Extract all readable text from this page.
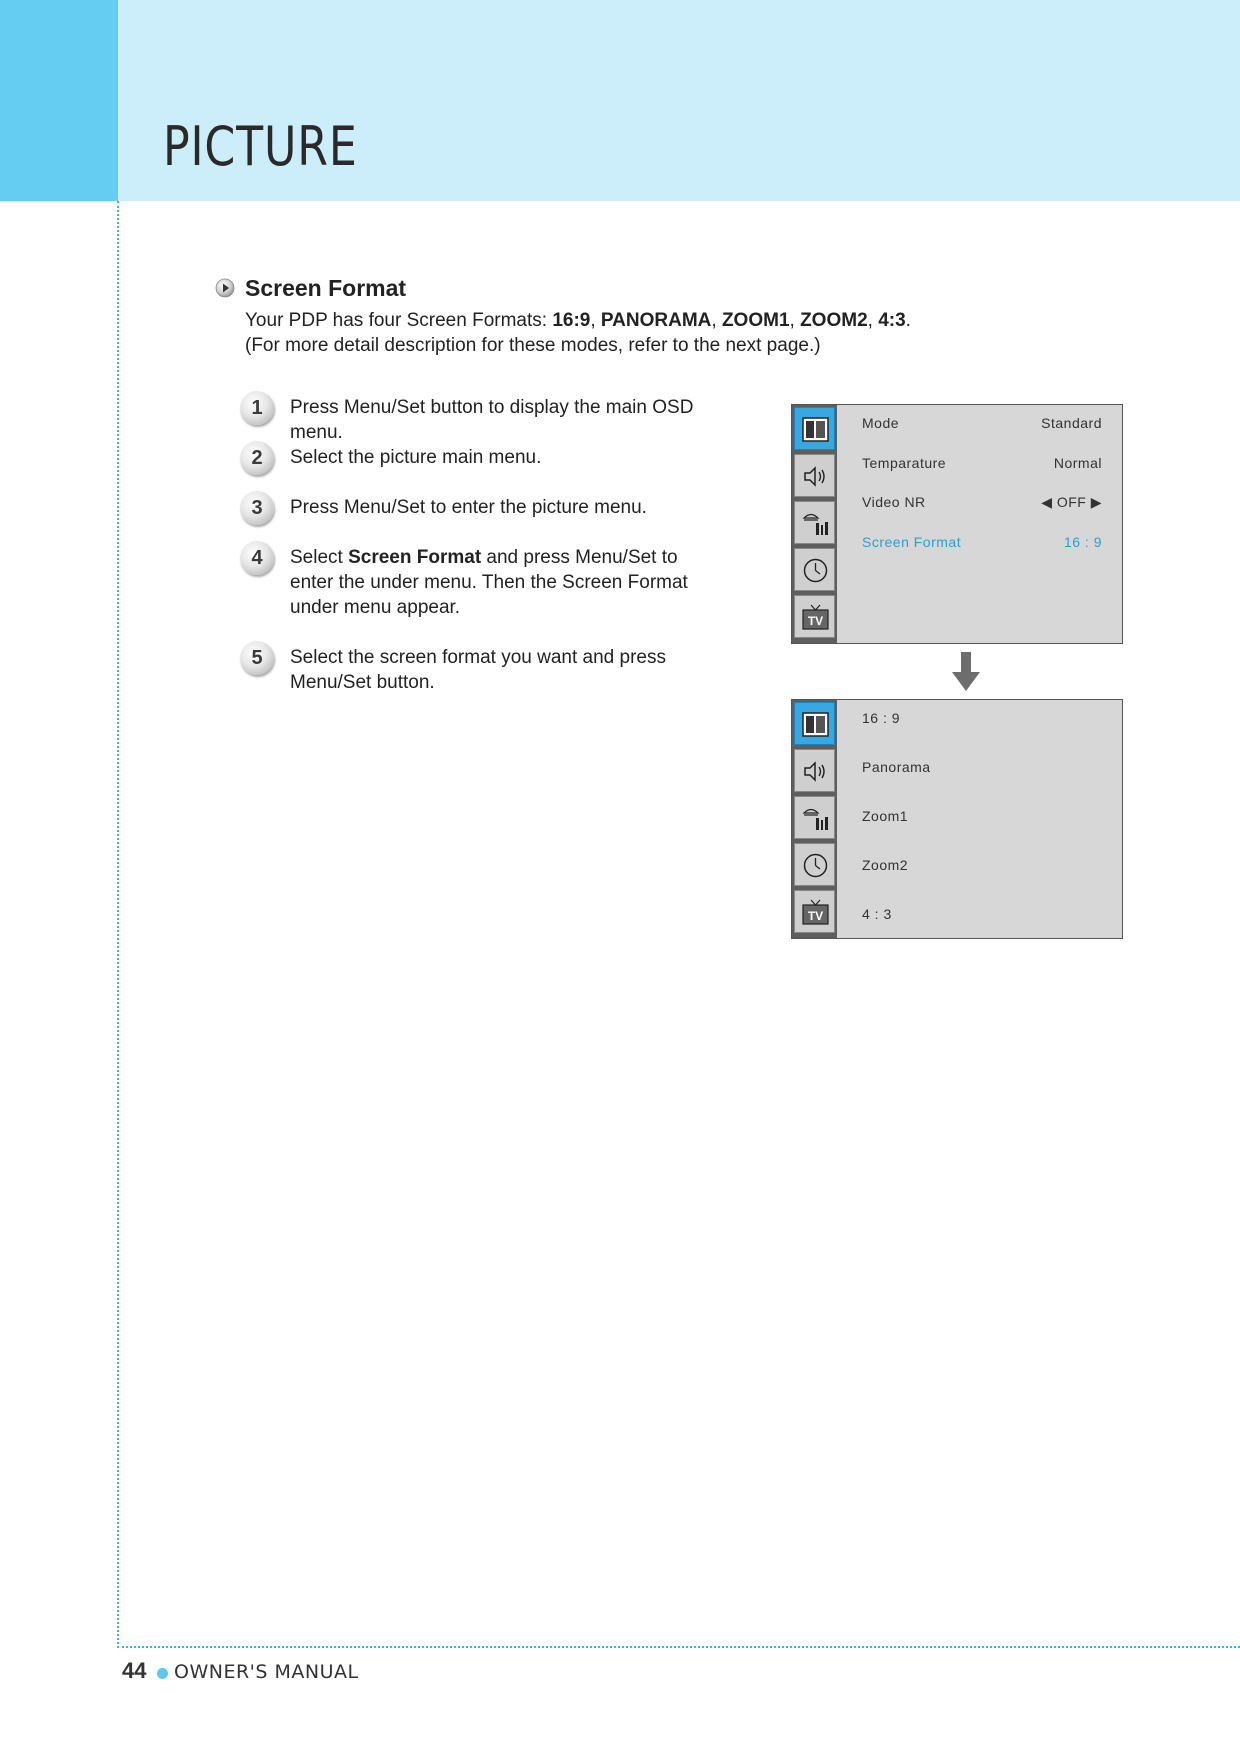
PICTURE
Screen Format
Your PDP has four Screen Formats: 16:9, PANORAMA, ZOOM1, ZOOM2, 4:3.
(For more detail description for these modes, refer to the next page.)
1	Press Menu/Set button to display the main OSD menu.
2	Select the picture main menu.
3	Press Menu/Set to enter the picture menu.
4	Select Screen Format and press Menu/Set to
enter the under menu. Then the Screen Format
under menu appear.
5	Select the screen format you want and press
Menu/Set button.
TV
Mode	Standard
Temparature	Normal
Video NR	◀ OFF ▶
Screen Format	16 : 9
TV
16 : 9
Panorama
Zoom1
Zoom2
4 : 3
44 OWNER'S MANUAL
